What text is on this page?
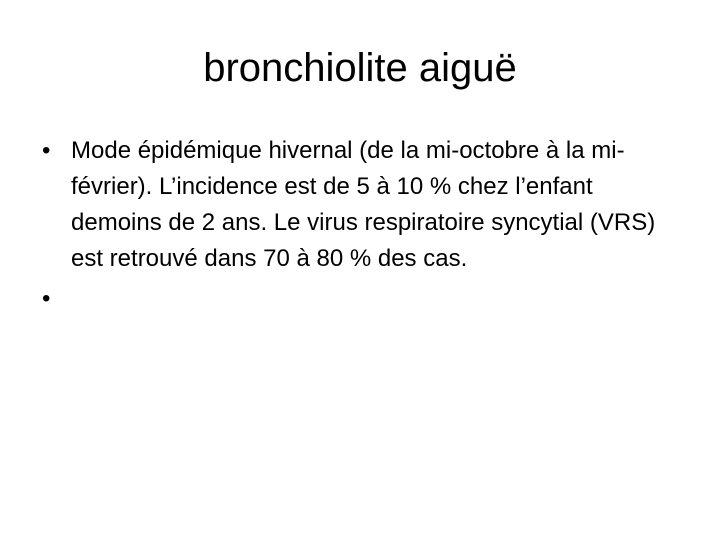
bronchiolite aiguë
• Mode épidémique hivernal (de la mi-octobre à la mi-février). L’incidence est de 5 à 10 % chez l’enfant demoins de 2 ans. Le virus respiratoire syncytial (VRS) est retrouvé dans 70 à 80 % des cas.
•
